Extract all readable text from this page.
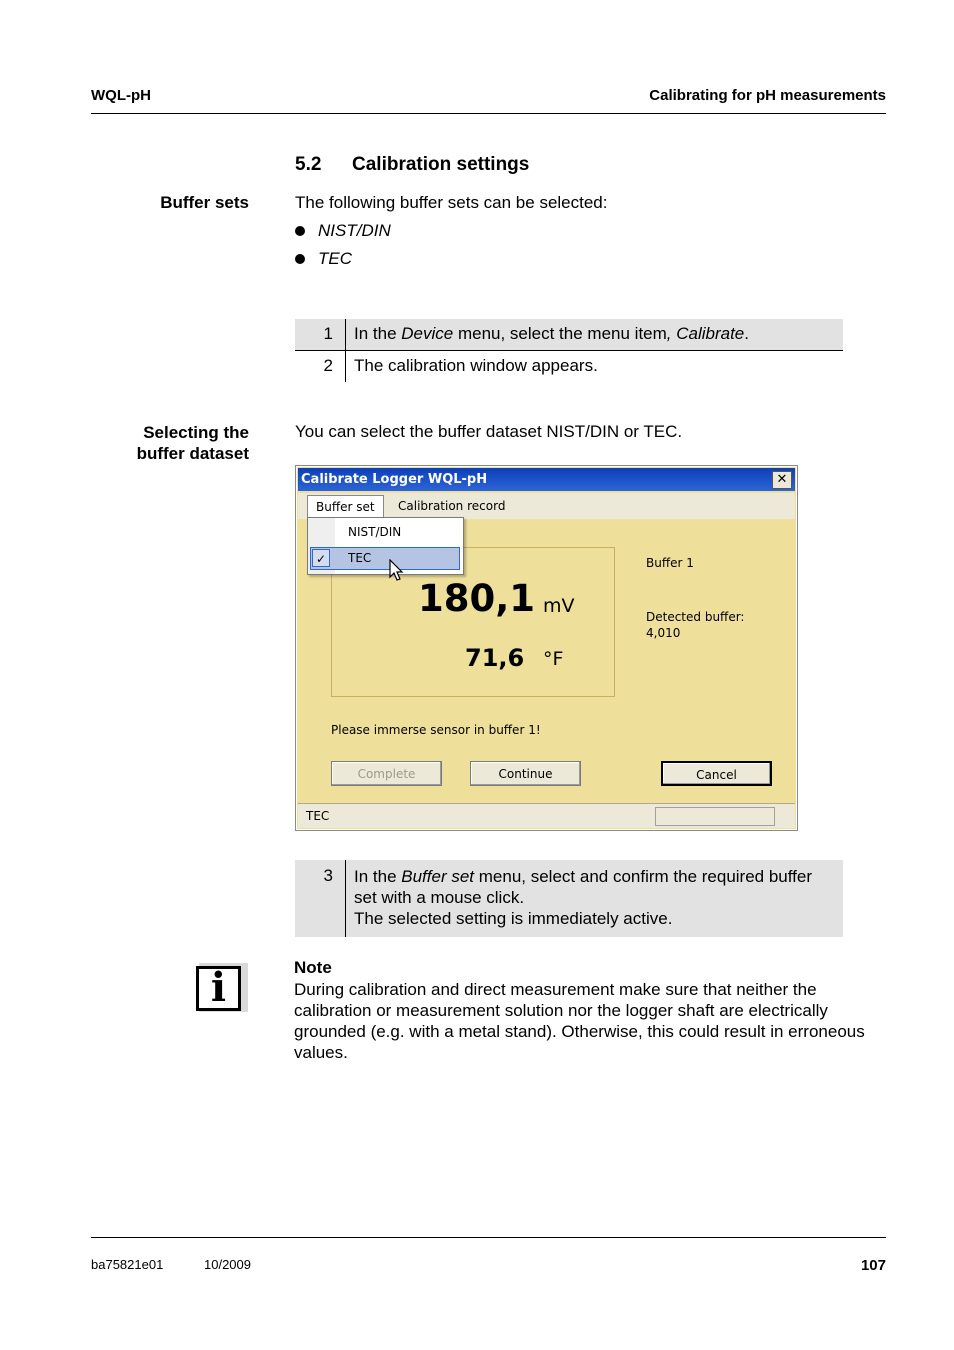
WQL-pH	Calibrating for pH measurements
5.2 Calibration settings
Buffer sets	The following buffer sets can be selected:
NIST/DIN
TEC
1	In the Device menu, select the menu item, Calibrate.
2	The calibration window appears.
Selecting the
buffer dataset
You can select the buffer dataset NIST/DIN or TEC.
Calibrate Logger WQL-pH	✕
Buffer set	Calibration record
180,1 mV
71,6 °F
Buffer 1
Detected buffer:
4,010
Please immerse sensor in buffer 1!
Complete	Continue	Cancel
TEC
NIST/DIN
✓	TEC
3	In the Buffer set menu, select and confirm the required buffer
set with a mouse click.
The selected setting is immediately active.
i	Note
During calibration and direct measurement make sure that neither the
calibration or measurement solution nor the logger shaft are electrically
grounded (e.g. with a metal stand). Otherwise, this could result in erroneous
values.
ba75821e01	10/2009	107
